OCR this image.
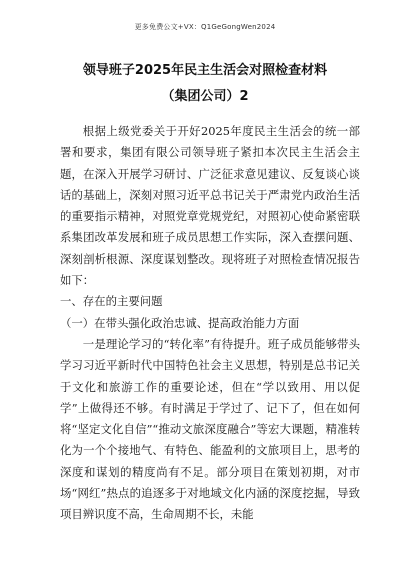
更多免费公文+VX：Q1GeGongWen2024
领导班子2025年民主生活会对照检查材料（集团公司）2

根据上级党委关于开好2025年度民主生活会的统一部署和要求，集团有限公司领导班子紧扣本次民主生活会主题，在深入开展学习研讨、广泛征求意见建议、反复谈心谈话的基础上，深刻对照习近平总书记关于严肃党内政治生活的重要指示精神，对照党章党规党纪，对照初心使命紧密联系集团改革发展和班子成员思想工作实际，深入查摆问题、深刻剖析根源、深度谋划整改。现将班子对照检查情况报告如下：

一、存在的主要问题

（一）在带头强化政治忠诚、提高政治能力方面

一是理论学习的“转化率”有待提升。班子成员能够带头学习习近平新时代中国特色社会主义思想，特别是总书记关于文化和旅游工作的重要论述，但在“学以致用、用以促学”上做得还不够。有时满足于学过了、记下了，但在如何将“坚定文化自信”“推动文旅深度融合”等宏大课题，精准转化为一个个接地气、有特色、能盈利的文旅项目上，思考的深度和谋划的精度尚有不足。部分项目在策划初期，对市场“网红”热点的追逐多于对地域文化内涵的深度挖掘，导致项目辨识度不高，生命周期不长，未能
